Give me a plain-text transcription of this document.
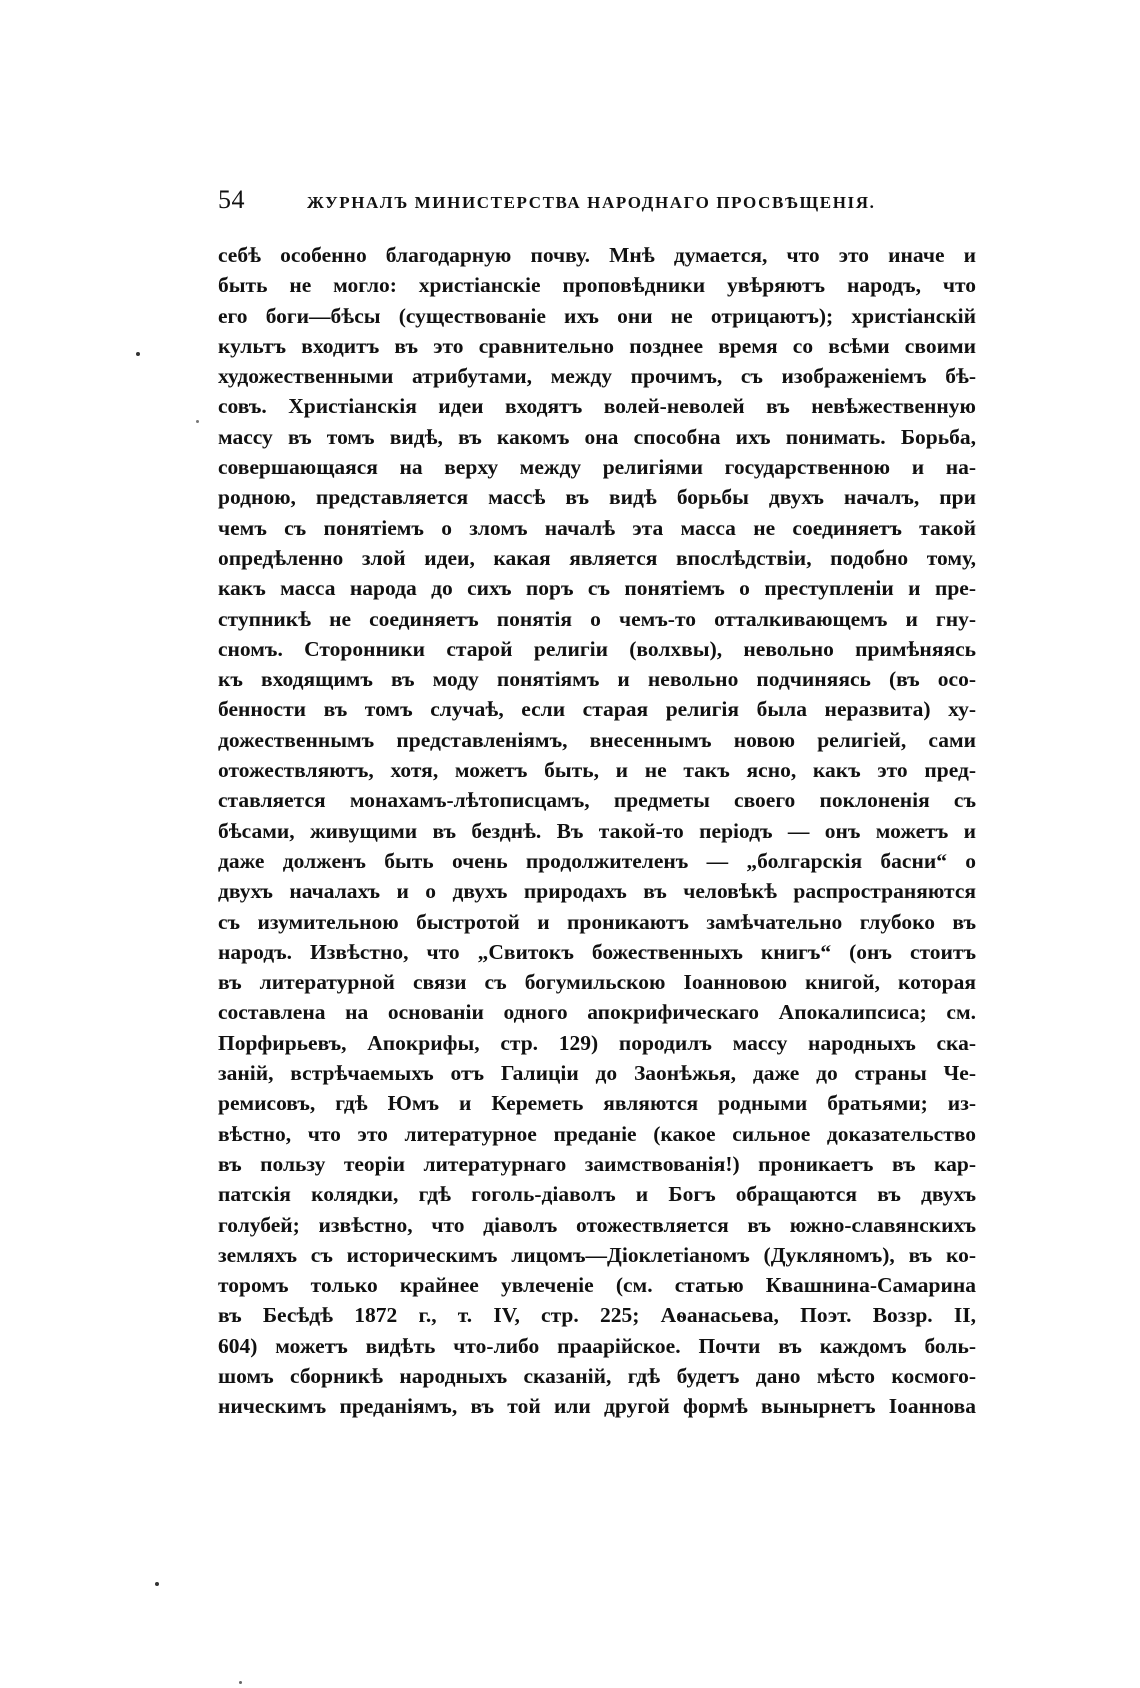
54	ЖУРНАЛЪ МИНИСТЕРСТВА НАРОДНАГО ПРОСВѢЩЕНІЯ.
себѣ особенно благодарную почву. Мнѣ думается, что это иначе и
быть не могло: христіанскіе проповѣдники увѣряютъ народъ, что
его боги—бѣсы (существованіе ихъ они не отрицаютъ); христіанскій
культъ входитъ въ это сравнительно позднее время со всѣми своими
художественными атрибутами, между прочимъ, съ изображеніемъ бѣ-
совъ. Христіанскія идеи входятъ волей-неволей въ невѣжественную
массу въ томъ видѣ, въ какомъ она способна ихъ понимать. Борьба,
совершающаяся на верху между религіями государственною и на-
родною, представляется массѣ въ видѣ борьбы двухъ началъ, при
чемъ съ понятіемъ о зломъ началѣ эта масса не соединяетъ такой
опредѣленно злой идеи, какая является впослѣдствіи, подобно тому,
какъ масса народа до сихъ поръ съ понятіемъ о преступленіи и пре-
ступникѣ не соединяетъ понятія о чемъ-то отталкивающемъ и гну-
сномъ. Сторонники старой религіи (волхвы), невольно примѣняясь
къ входящимъ въ моду понятіямъ и невольно подчиняясь (въ осо-
бенности въ томъ случаѣ, если старая религія была неразвита) ху-
дожественнымъ представленіямъ, внесеннымъ новою религіей, сами
отожествляютъ, хотя, можетъ быть, и не такъ ясно, какъ это пред-
ставляется монахамъ-лѣтописцамъ, предметы своего поклоненія съ
бѣсами, живущими въ безднѣ. Въ такой-то періодъ — онъ можетъ и
даже долженъ быть очень продолжителенъ — „болгарскія басни“ о
двухъ началахъ и о двухъ природахъ въ человѣкѣ распространяются
съ изумительною быстротой и проникаютъ замѣчательно глубоко въ
народъ. Извѣстно, что „Свитокъ божественныхъ книгъ“ (онъ стоитъ
въ литературной связи съ богумильскою Іоанновою книгой, которая
составлена на основаніи одного апокрифическаго Апокалипсиса; см.
Порфирьевъ, Апокрифы, стр. 129) породилъ массу народныхъ ска-
заній, встрѣчаемыхъ отъ Галиціи до Заонѣжья, даже до страны Че-
ремисовъ, гдѣ Юмъ и Кереметь являются родными братьями; из-
вѣстно, что это литературное преданіе (какое сильное доказательство
въ пользу теоріи литературнаго заимствованія!) проникаетъ въ кар-
патскія колядки, гдѣ гоголь-діаволъ и Богъ обращаются въ двухъ
голубей; извѣстно, что діаволъ отожествляется въ южно-славянскихъ
земляхъ съ историческимъ лицомъ—Діоклетіаномъ (Дукляномъ), въ ко-
торомъ только крайнее увлеченіе (см. статью Квашнина-Самарина
въ Бесѣдѣ 1872 г., т. IV, стр. 225; Аѳанасьева, Поэт. Воззр. II,
604) можетъ видѣть что-либо праарійское. Почти въ каждомъ боль-
шомъ сборникѣ народныхъ сказаній, гдѣ будетъ дано мѣсто космого-
ническимъ преданіямъ, въ той или другой формѣ вынырнетъ Іоаннова
